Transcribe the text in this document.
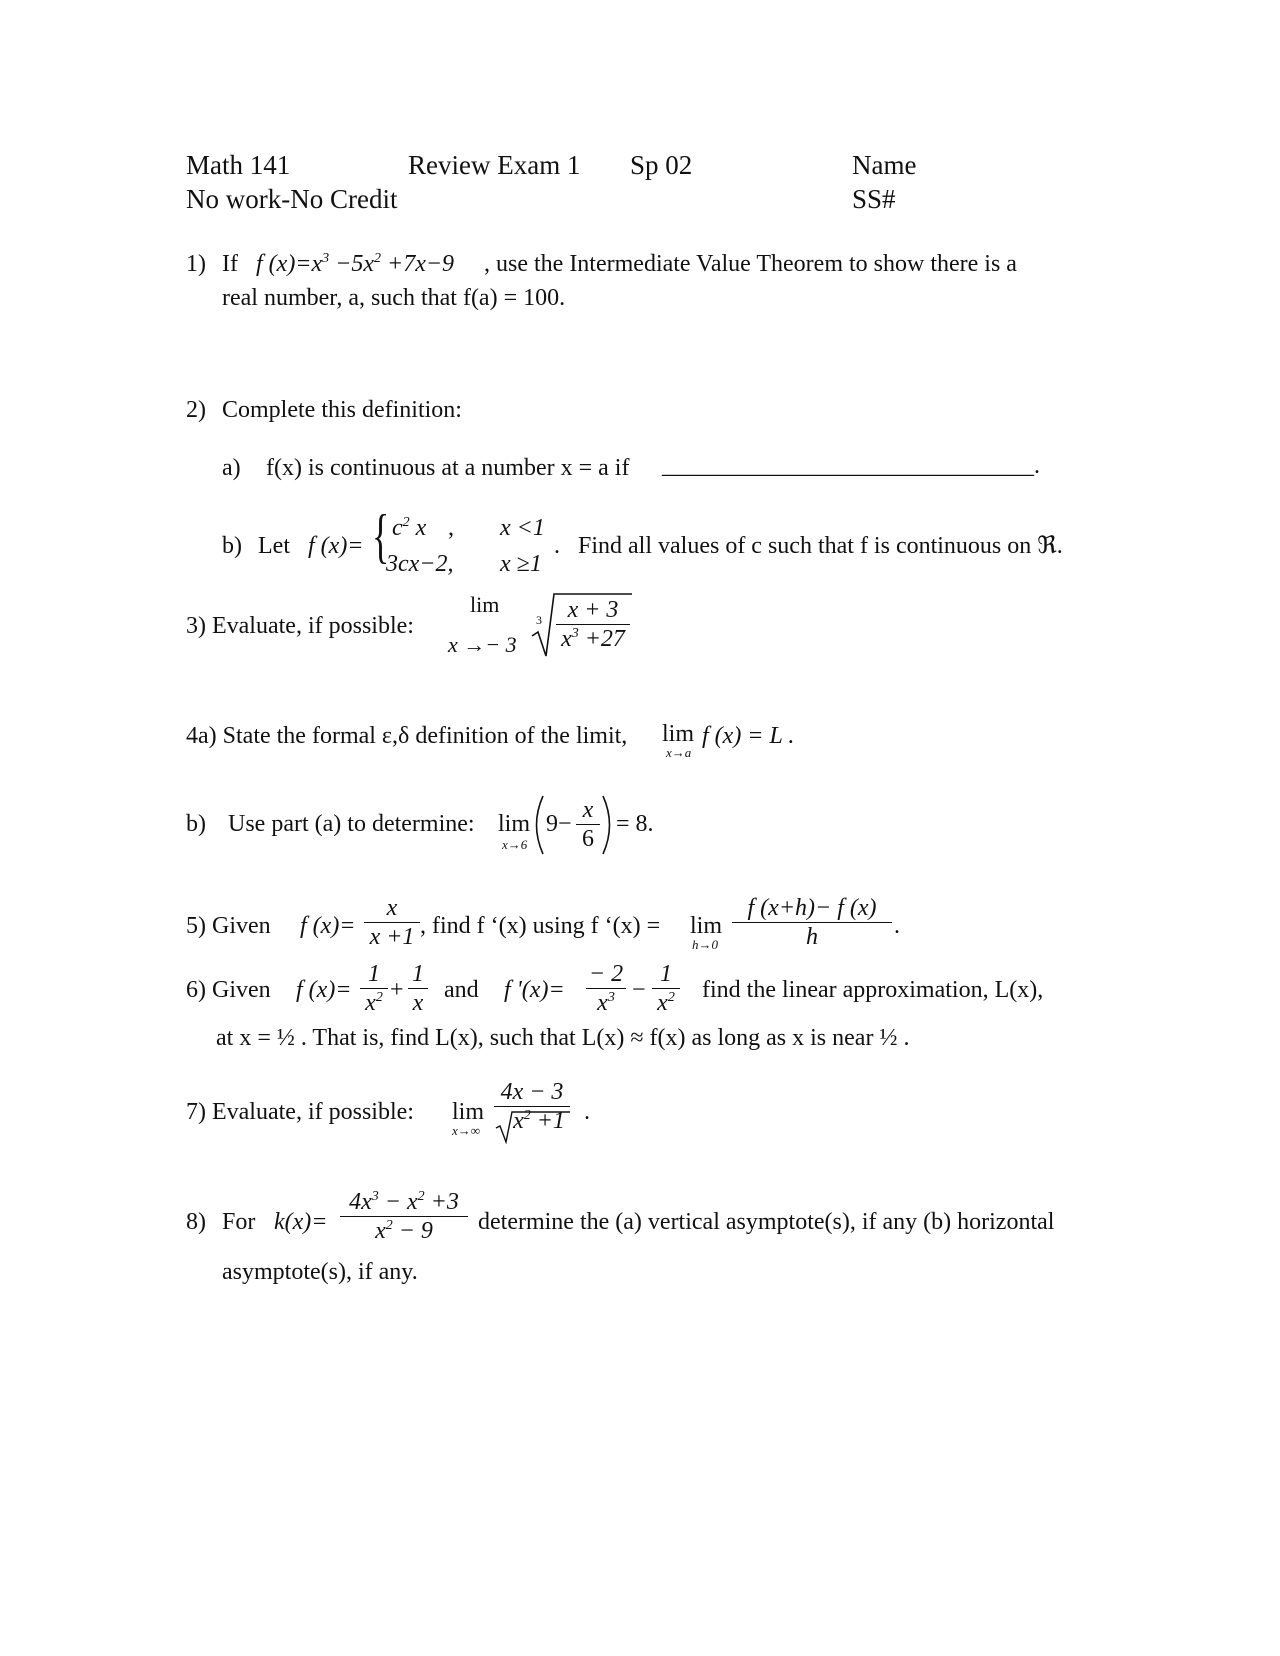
Math 141	Review Exam 1 Sp 02	Name
No work-No Credit	SS#
1) If f $(x)=x^3 -5x^2 +7x-9$ , use the Intermediate Value Theorem to show there is a
real number, a, such that f(a) = 100.
2) Complete this definition:
a) f(x) is continuous at a number x = a if _______________________________.
b) Let f (x)= { $c^2$ x , x <1
3cx−2, x ≥1
. Find all values of c such that f is continuous on ℜ.
3) Evaluate, if possible:
lim
x →− 3
3	x + 3
$x^3 +27$
4a) State the formal ε,δ definition of the limit, lim
x→a
f (x) = L .
b) Use part (a) to determine: lim
x→6
9−
x
6
= 8.
5) Given f (x)=
x
x +1 , find f ‘(x) using f ‘(x) = lim
h→0
f (x+h)− f (x)
h	.
6) Given f (x)=
1
$x^2$ +
1
x and f '(x)=
− 2
$x^3$ −
1
$x^2$ find the linear approximation, L(x),
at x = ½ . That is, find L(x), such that L(x) ≈ f(x) as long as x is near ½ .
7) Evaluate, if possible: lim
x→∞
4x − 3
$x^2 +1$ .
8) For k(x)=
$4x^3 - x^2 +3$
$x^2 - 9$	determine the (a) vertical asymptote(s), if any (b) horizontal
asymptote(s), if any.
